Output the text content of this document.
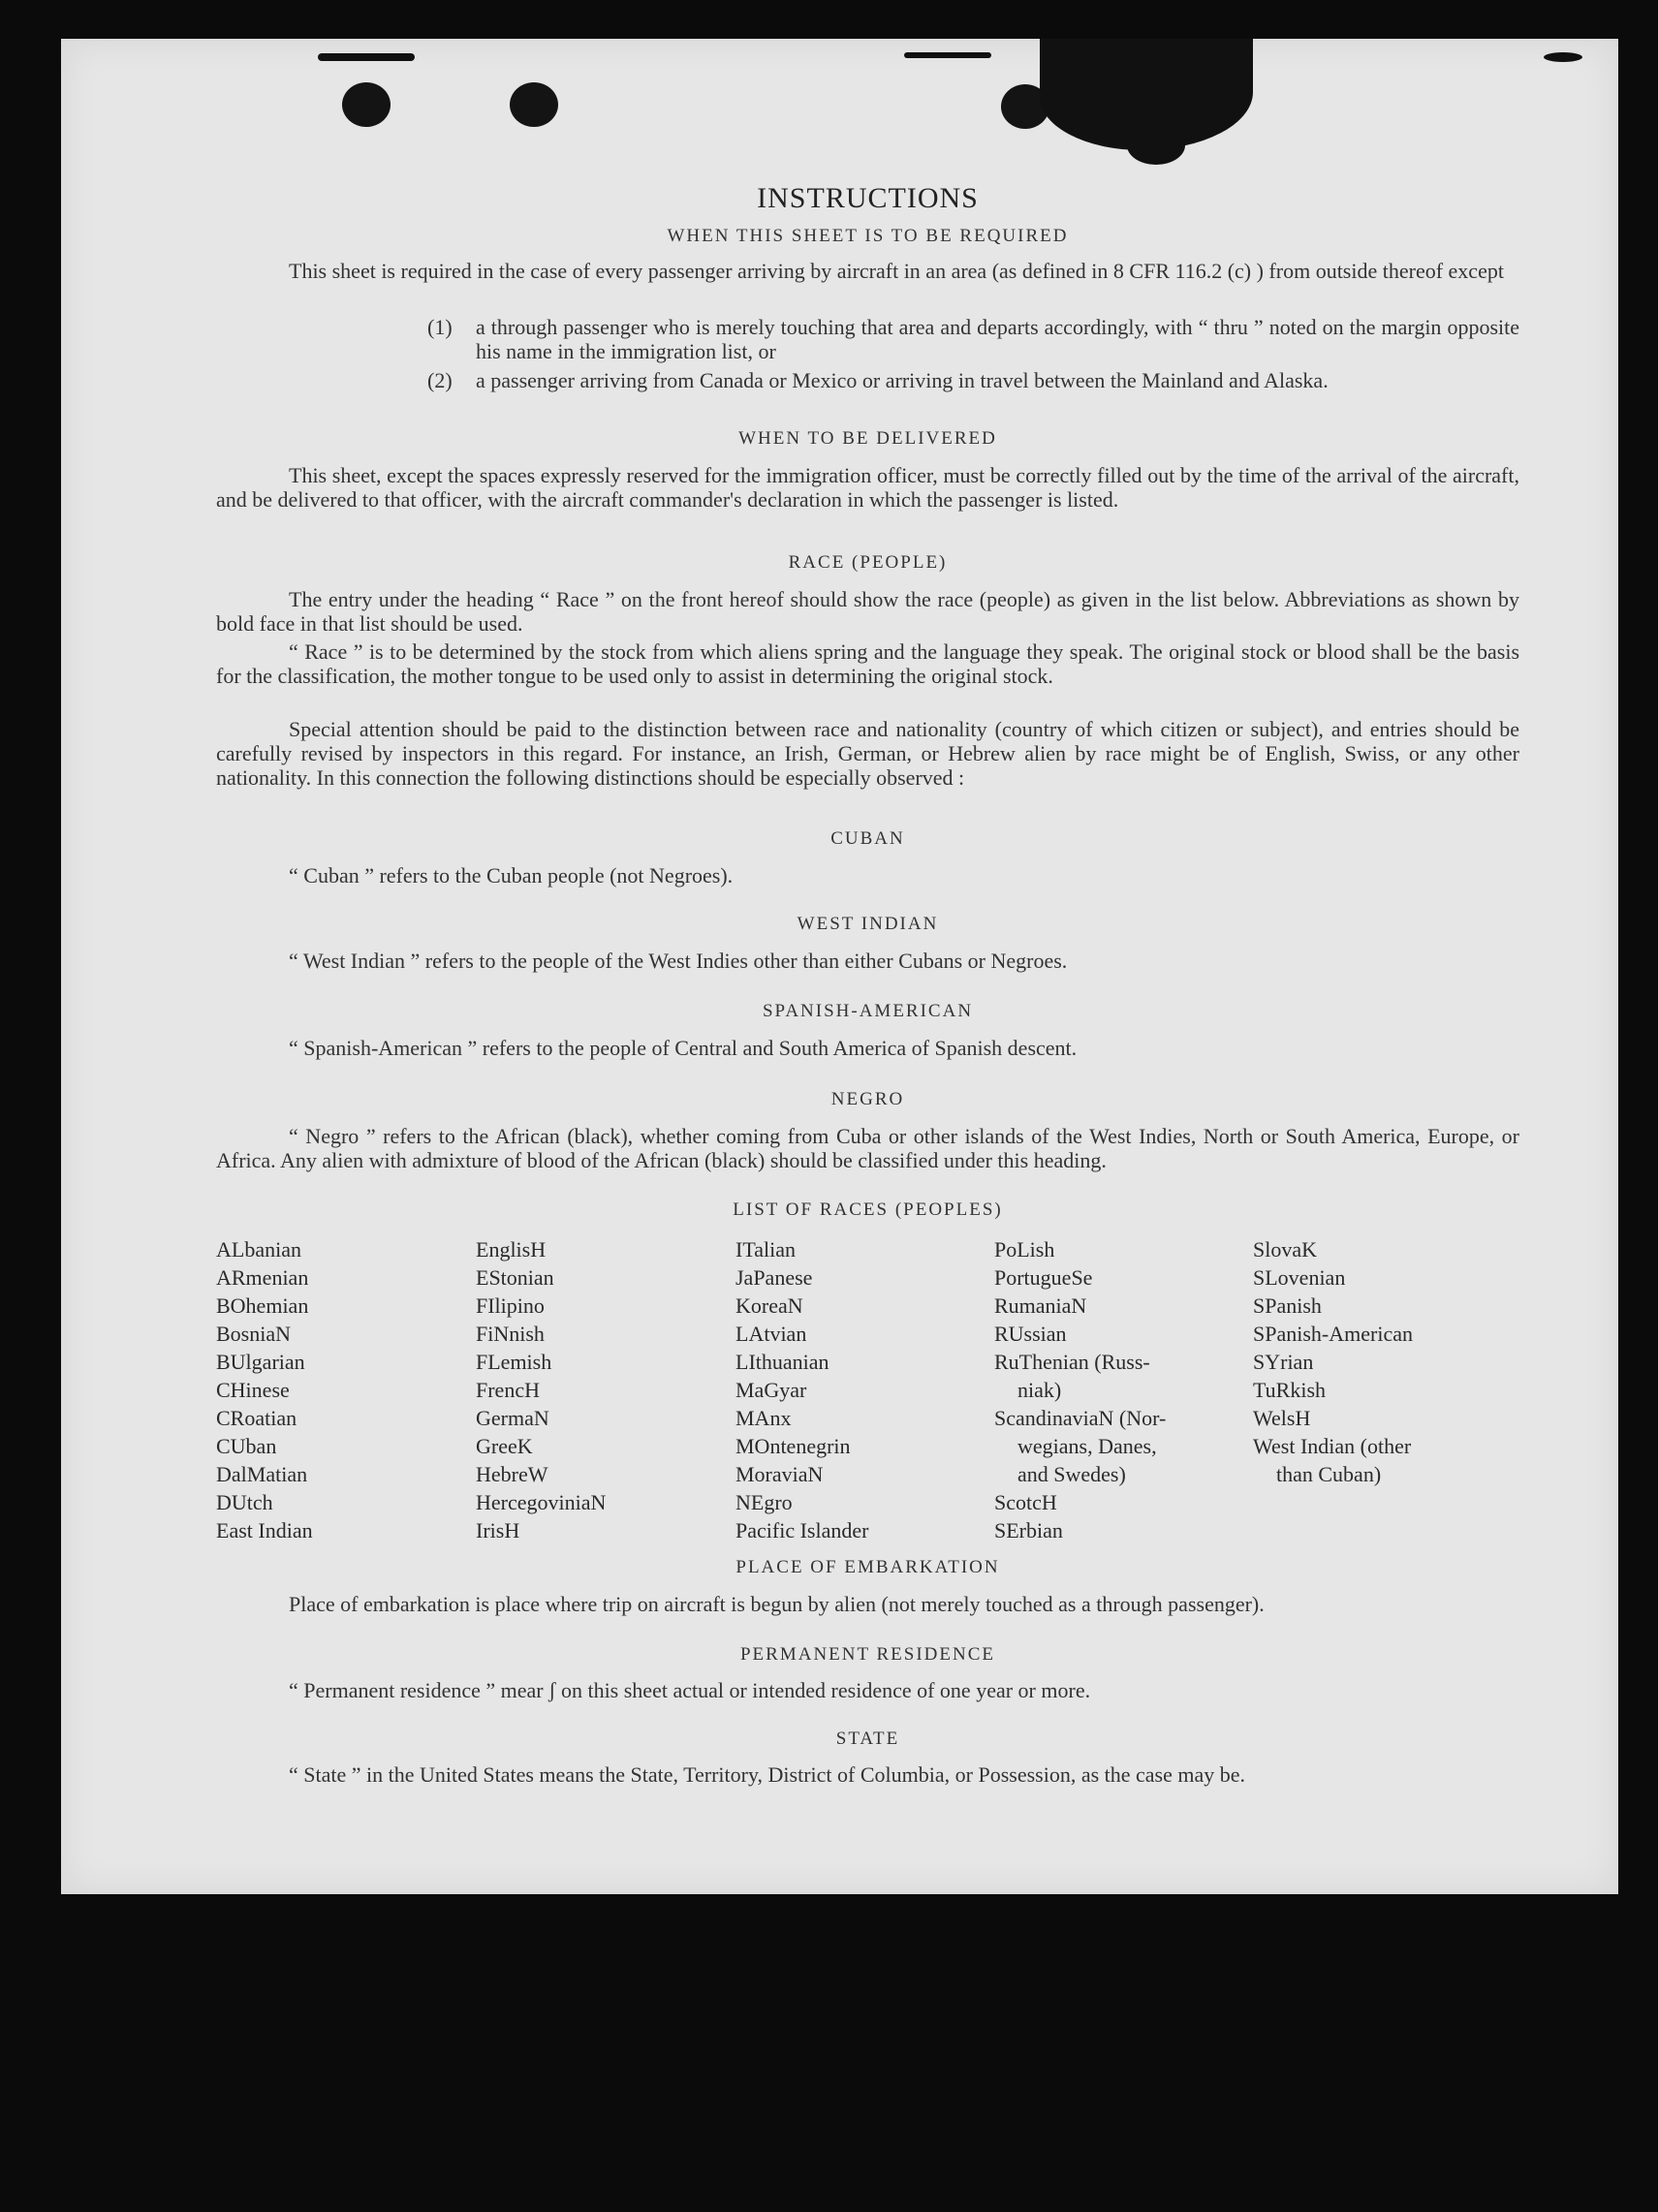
INSTRUCTIONS
WHEN THIS SHEET IS TO BE REQUIRED
This sheet is required in the case of every passenger arriving by aircraft in an area (as defined in 8 CFR 116.2 (c) ) from outside thereof except
(1) a through passenger who is merely touching that area and departs accordingly, with “ thru ” noted on the margin opposite his name in the immigration list, or
(2) a passenger arriving from Canada or Mexico or arriving in travel between the Mainland and Alaska.
WHEN TO BE DELIVERED
This sheet, except the spaces expressly reserved for the immigration officer, must be correctly filled out by the time of the arrival of the aircraft, and be delivered to that officer, with the aircraft commander's declaration in which the passenger is listed.
RACE (PEOPLE)
The entry under the heading “ Race ” on the front hereof should show the race (people) as given in the list below. Abbreviations as shown by bold face in that list should be used.
“ Race ” is to be determined by the stock from which aliens spring and the language they speak. The original stock or blood shall be the basis for the classification, the mother tongue to be used only to assist in determining the original stock.
Special attention should be paid to the distinction between race and nationality (country of which citizen or subject), and entries should be carefully revised by inspectors in this regard. For instance, an Irish, German, or Hebrew alien by race might be of English, Swiss, or any other nationality. In this connection the following distinctions should be especially observed :
CUBAN
“ Cuban ” refers to the Cuban people (not Negroes).
WEST INDIAN
“ West Indian ” refers to the people of the West Indies other than either Cubans or Negroes.
SPANISH-AMERICAN
“ Spanish-American ” refers to the people of Central and South America of Spanish descent.
NEGRO
“ Negro ” refers to the African (black), whether coming from Cuba or other islands of the West Indies, North or South America, Europe, or Africa. Any alien with admixture of blood of the African (black) should be classified under this heading.
LIST OF RACES (PEOPLES)
ALbanian
ARmenian
BOhemian
BosniaN
BUlgarian
CHinese
CRoatian
CUban
DalMatian
DUtch
East Indian
EnglisH
EStonian
FIlipino
FiNnish
FLemish
FrencH
GermaN
GreeK
HebreW
HercegoviniaN
IrisH
ITalian
JaPanese
KoreaN
LAtvian
LIthuanian
MaGyar
MAnx
MOntenegrin
MoraviaN
NEgro
Pacific Islander
PoLish
PortugueSe
RumaniaN
RUssian
RuThenian (Russ-
niak)
ScandinaviaN (Nor-
wegians, Danes,
and Swedes)
ScotcH
SErbian
SlovaK
SLovenian
SPanish
SPanish-American
SYrian
TuRkish
WelsH
West Indian (other
than Cuban)
PLACE OF EMBARKATION
Place of embarkation is place where trip on aircraft is begun by alien (not merely touched as a through passenger).
PERMANENT RESIDENCE
“ Permanent residence ” mear ʃ on this sheet actual or intended residence of one year or more.
STATE
“ State ” in the United States means the State, Territory, District of Columbia, or Possession, as the case may be.
